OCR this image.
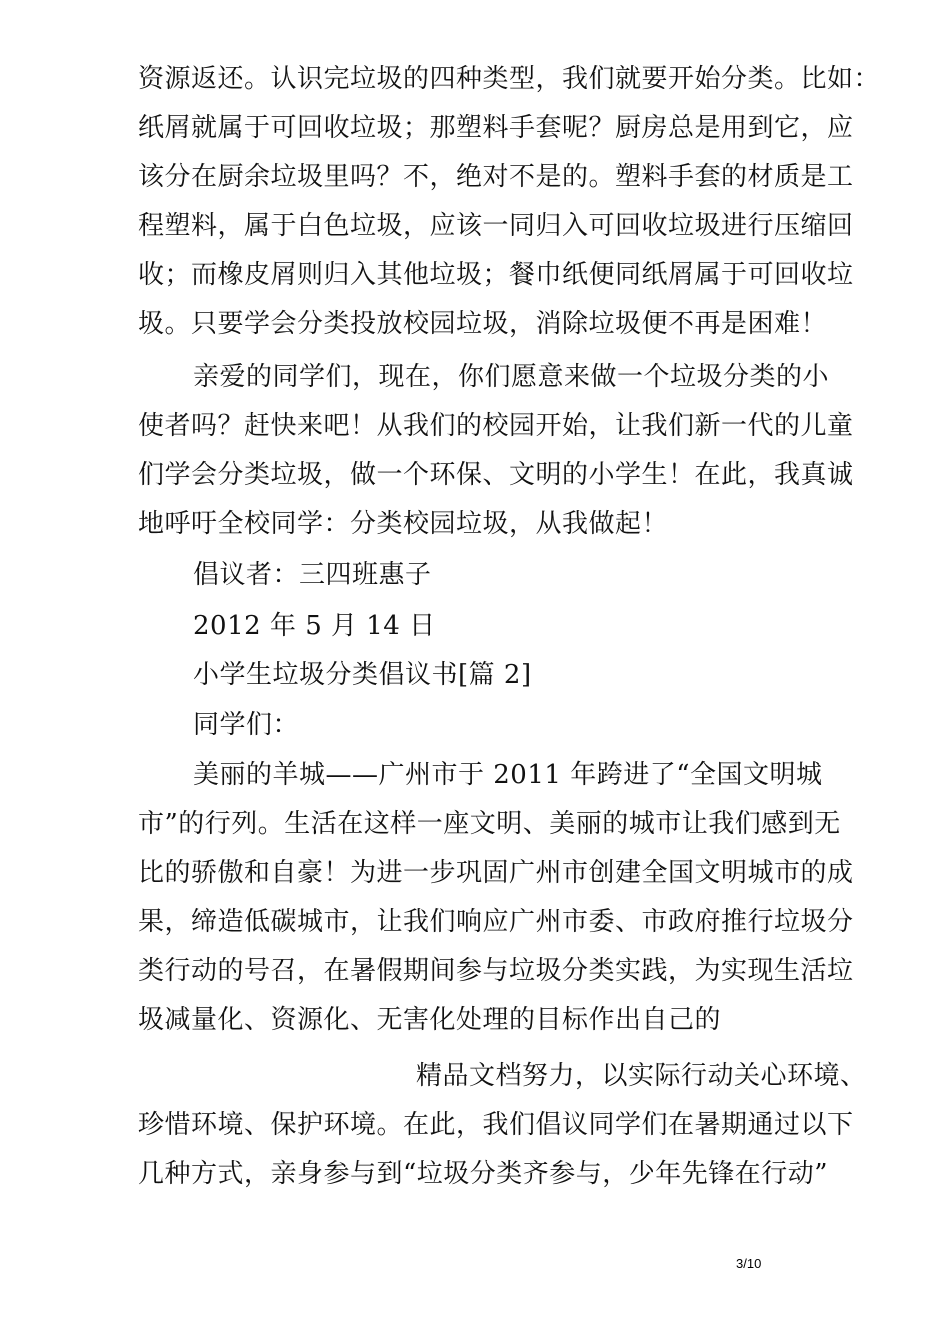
资源返还。认识完垃圾的四种类型，我们就要开始分类。比如：
纸屑就属于可回收垃圾；那塑料手套呢？厨房总是用到它，应
该分在厨余垃圾里吗？不，绝对不是的。塑料手套的材质是工
程塑料，属于白色垃圾，应该一同归入可回收垃圾进行压缩回
收；而橡皮屑则归入其他垃圾；餐巾纸便同纸屑属于可回收垃
圾。只要学会分类投放校园垃圾，消除垃圾便不再是困难！
亲爱的同学们，现在，你们愿意来做一个垃圾分类的小
使者吗？赶快来吧！从我们的校园开始，让我们新一代的儿童
们学会分类垃圾，做一个环保、文明的小学生！在此，我真诚
地呼吁全校同学：分类校园垃圾，从我做起！
倡议者：三四班惠子
2012 年 5 月 14 日
小学生垃圾分类倡议书[篇 2]
同学们：
美丽的羊城——广州市于 2011 年跨进了“全国文明城
市”的行列。生活在这样一座文明、美丽的城市让我们感到无
比的骄傲和自豪！为进一步巩固广州市创建全国文明城市的成
果，缔造低碳城市，让我们响应广州市委、市政府推行垃圾分
类行动的号召，在暑假期间参与垃圾分类实践，为实现生活垃
圾减量化、资源化、无害化处理的目标作出自己的
精品文档努力，以实际行动关心环境、
珍惜环境、保护环境。在此，我们倡议同学们在暑期通过以下
几种方式，亲身参与到“垃圾分类齐参与，少年先锋在行动”
3/10
